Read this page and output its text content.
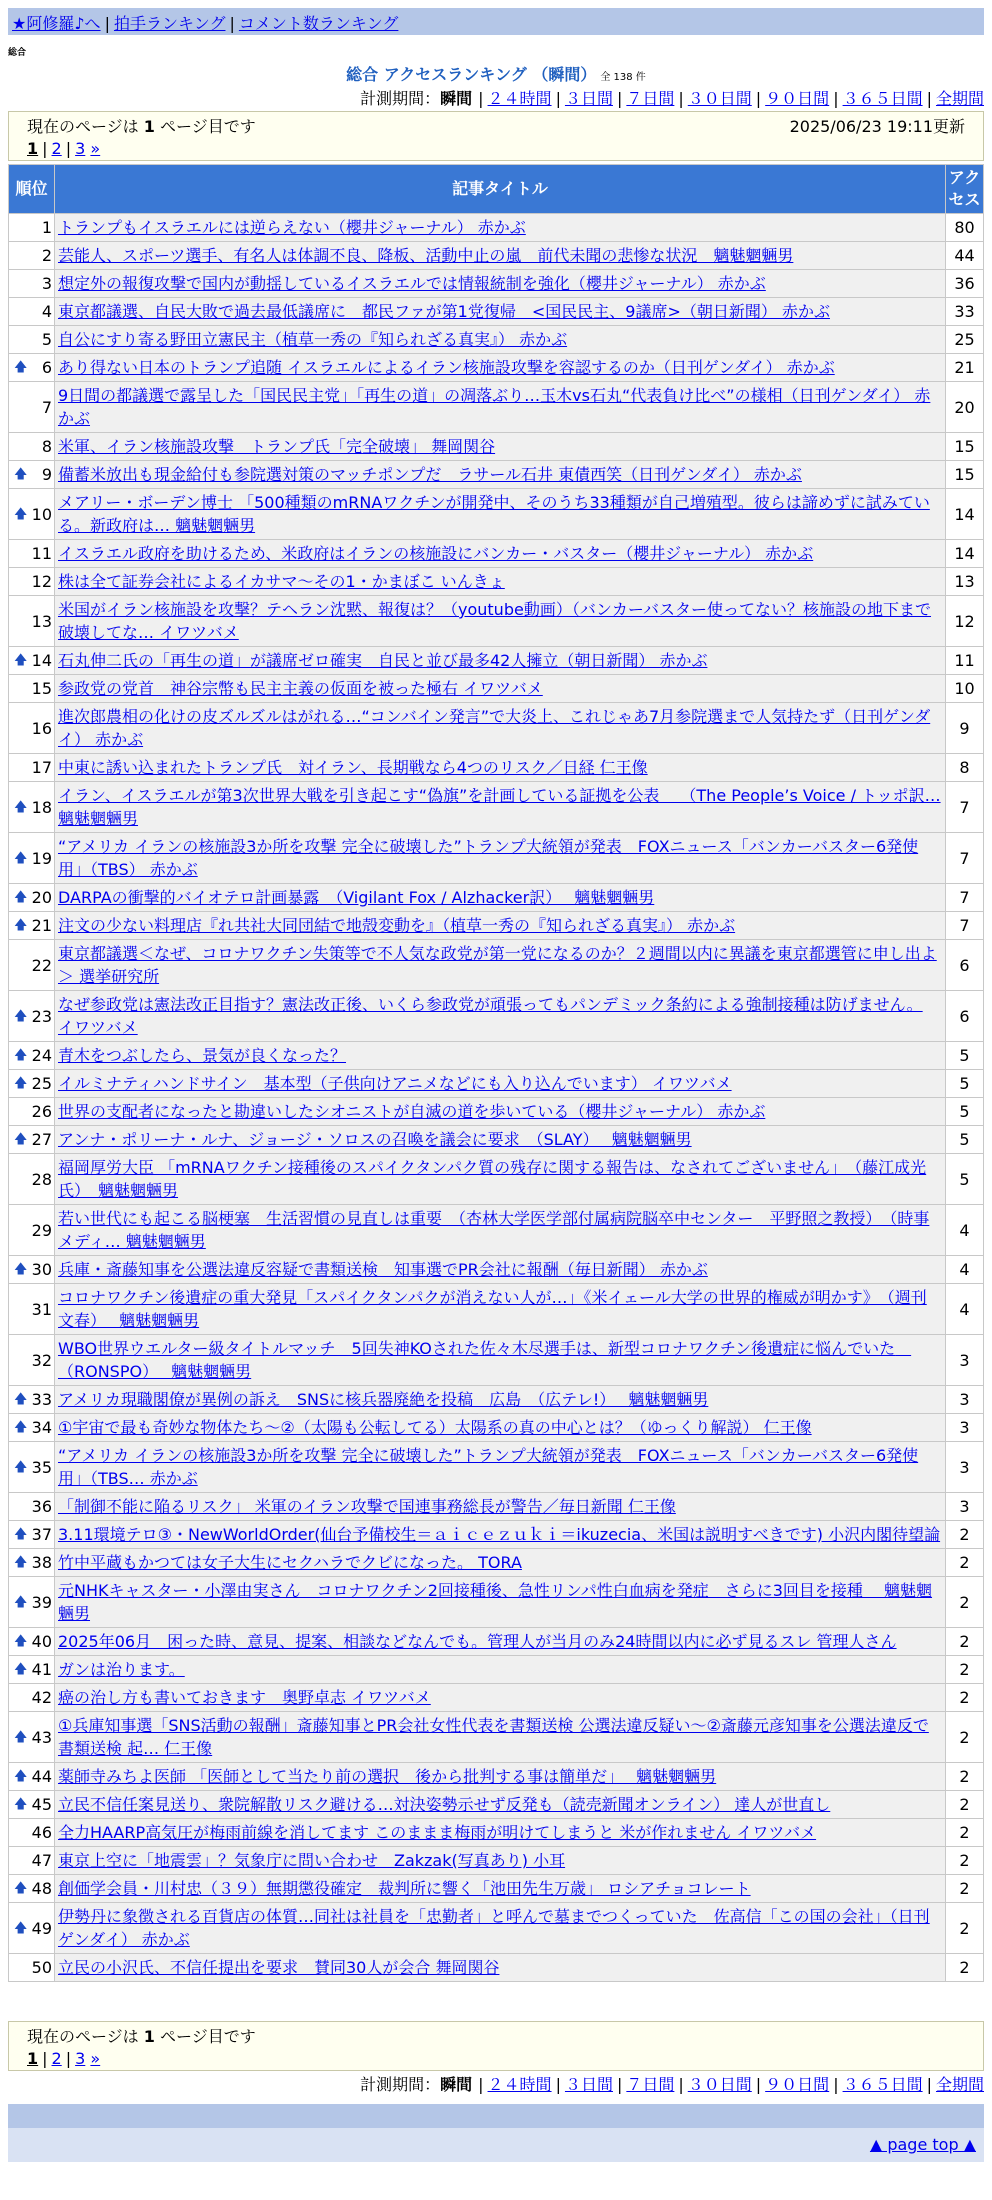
★阿修羅♪へ | 拍手ランキング | コメント数ランキング
総合
総合 アクセスランキング （瞬間） 全 138 件
計測期間：瞬間 | ２４時間 | ３日間 | ７日間 | ３０日間 | ９０日間 | ３６５日間 | 全期間
現在のページは 1 ページ目です	2025/06/23 19:11更新
1 | 2 | 3 »
順位	記事タイトル	アクセス
1	トランプもイスラエルには逆らえない（櫻井ジャーナル） 赤かぶ	80
2	芸能人、スポーツ選手、有名人は体調不良、降板、活動中止の嵐　前代未聞の悲惨な状況　魑魅魍魎男	44
3	想定外の報復攻撃で国内が動揺しているイスラエルでは情報統制を強化（櫻井ジャーナル） 赤かぶ	36
4	東京都議選、自民大敗で過去最低議席に　都民ファが第1党復帰　<国民民主、9議席>（朝日新聞） 赤かぶ	33
5	自公にすり寄る野田立憲民主（植草一秀の『知られざる真実』） 赤かぶ	25

🡅 6	あり得ない日本のトランプ追随 イスラエルによるイラン核施設攻撃を容認するのか（日刊ゲンダイ） 赤かぶ	21
7	9日間の都議選で露呈した「国民民主党」「再生の道」の凋落ぶり…玉木vs石丸“代表負け比べ”の様相（日刊ゲンダイ） 赤かぶ	20
8	米軍、イラン核施設攻撃　トランプ氏「完全破壊」 舞岡関谷	15

🡅 9	備蓄米放出も現金給付も参院選対策のマッチポンプだ　ラサール石井 東債西笑（日刊ゲンダイ） 赤かぶ	15

🡅 10	メアリー・ボーデン博士 「500種類のmRNAワクチンが開発中、そのうち33種類が自己増殖型。彼らは諦めずに試みている。新政府は… 魑魅魍魎男	14
11	イスラエル政府を助けるため、米政府はイランの核施設にバンカー・バスター（櫻井ジャーナル） 赤かぶ	14
12	株は全て証券会社によるイカサマ〜その1・かまぼこ いんきょ	13
13	米国がイラン核施設を攻撃？テヘラン沈黙、報復は？（youtube動画）（バンカーバスター使ってない？核施設の地下まで破壊してな… イワツバメ	12

🡅 14	石丸伸二氏の「再生の道」が議席ゼロ確実　自民と並び最多42人擁立（朝日新聞） 赤かぶ	11
15	参政党の党首　神谷宗幣も民主主義の仮面を被った極右 イワツバメ	10
16	進次郎農相の化けの皮ズルズルはがれる…“コンバイン発言”で大炎上、これじゃあ7月参院選まで人気持たず（日刊ゲンダイ） 赤かぶ	9
17	中東に誘い込まれたトランプ氏　対イラン、長期戦なら4つのリスク／日経 仁王像	8

🡅 18	イラン、イスラエルが第3次世界大戦を引き起こす“偽旗”を計画している証拠を公表　 （The People’s Voice / トッポ訳… 魑魅魍魎男	7

🡅 19	“アメリカ イランの核施設3か所を攻撃 完全に破壊した”トランプ大統領が発表　FOXニュース「バンカーバスター6発使用」（TBS） 赤かぶ	7

🡅 20	DARPAの衝撃的バイオテロ計画暴露　（Vigilant Fox / Alzhacker訳）　 魑魅魍魎男	7

🡅 21	注文の少ない料理店『れ共社大同団結で地殻変動を』（植草一秀の『知られざる真実』） 赤かぶ	7
22	東京都議選＜なぜ、コロナワクチン失策等で不人気な政党が第一党になるのか？２週間以内に異議を東京都選管に申し出よ＞ 選挙研究所	6

🡅 23	なぜ参政党は憲法改正目指す？憲法改正後、いくら参政党が頑張ってもパンデミック条約による強制接種は防げません。 イワツバメ	6

🡅 24	青木をつぶしたら、景気が良くなった？	5

🡅 25	イルミナティハンドサイン　基本型（子供向けアニメなどにも入り込んでいます） イワツバメ	5
26	世界の支配者になったと勘違いしたシオニストが自滅の道を歩いている（櫻井ジャーナル） 赤かぶ	5

🡅 27	アンナ・ポリーナ・ルナ、ジョージ・ソロスの召喚を議会に要求　（SLAY）　 魑魅魍魎男	5
28	福岡厚労大臣 「mRNAワクチン接種後のスパイクタンパク質の残存に関する報告は、なされてございません」　（藤江成光氏）　魑魅魍魎男	5
29	若い世代にも起こる脳梗塞　生活習慣の見直しは重要　（杏林大学医学部付属病院脳卒中センター　平野照之教授）　（時事メディ… 魑魅魍魎男	4

🡅 30	兵庫・斎藤知事を公選法違反容疑で書類送検　知事選でPR会社に報酬（毎日新聞） 赤かぶ	4
31	コロナワクチン後遺症の重大発見「スパイクタンパクが消えない人が…」《米イェール大学の世界的権威が明かす》　（週刊文春）　 魑魅魍魎男	4
32	WBO世界ウエルター級タイトルマッチ　5回失神KOされた佐々木尽選手は、新型コロナワクチン後遺症に悩んでいた　（RONSPO）　 魑魅魍魎男	3

🡅 33	アメリカ現職閣僚が異例の訴え　SNSに核兵器廃絶を投稿　広島　（広テレ!）　 魑魅魍魎男	3

🡅 34	①宇宙で最も奇妙な物体たち〜②（太陽も公転してる）太陽系の真の中心とは？（ゆっくり解説） 仁王像	3

🡅 35	“アメリカ イランの核施設3か所を攻撃 完全に破壊した”トランプ大統領が発表　FOXニュース「バンカーバスター6発使用」（TBS… 赤かぶ	3
36	「制御不能に陥るリスク」 米軍のイラン攻撃で国連事務総長が警告／毎日新聞 仁王像	3

🡅 37	3.11環境テロ③・NewWorldOrder(仙台予備校生＝ａｉｃｅｚｕｋｉ＝ikuzecia、米国は説明すべきです) 小沢内閣待望論	2

🡅 38	竹中平蔵もかつては女子大生にセクハラでクビになった。 TORA	2

🡅 39	元NHKキャスター・小澤由実さん　コロナワクチン2回接種後、急性リンパ性白血病を発症　さらに3回目を接種　 魑魅魍魎男	2

🡅 40	2025年06月　困った時、意見、提案、相談などなんでも。管理人が当月のみ24時間以内に必ず見るスレ 管理人さん	2

🡅 41	ガンは治ります。	2
42	癌の治し方も書いておきます　奥野卓志 イワツバメ	2

🡅 43	①兵庫知事選「SNS活動の報酬」斎藤知事とPR会社女性代表を書類送検 公選法違反疑い〜②斎藤元彦知事を公選法違反で書類送検 起… 仁王像	2

🡅 44	薬師寺みちよ医師 「医師として当たり前の選択　後から批判する事は簡単だ」　 魑魅魍魎男	2

🡅 45	立民不信任案見送り、衆院解散リスク避ける…対決姿勢示せず反発も（読売新聞オンライン） 達人が世直し	2
46	全力HAARP高気圧が梅雨前線を消してます このままま梅雨が明けてしまうと 米が作れません イワツバメ	2
47	東京上空に「地震雲」？気象庁に問い合わせ　Zakzak(写真あり) 小耳	2

🡅 48	創価学会員・川村忠（３９）無期懲役確定　裁判所に響く「池田先生万歳」 ロシアチョコレート	2

🡅 49	伊勢丹に象徴される百貨店の体質…同社は社員を「忠勤者」と呼んで墓までつくっていた　佐高信「この国の会社」（日刊ゲンダイ） 赤かぶ	2
50	立民の小沢氏、不信任提出を要求　賛同30人が会合 舞岡関谷	2
現在のページは 1 ページ目です
1 | 2 | 3 »
計測期間：瞬間 | ２４時間 | ３日間 | ７日間 | ３０日間 | ９０日間 | ３６５日間 | 全期間
▲ page top ▲
